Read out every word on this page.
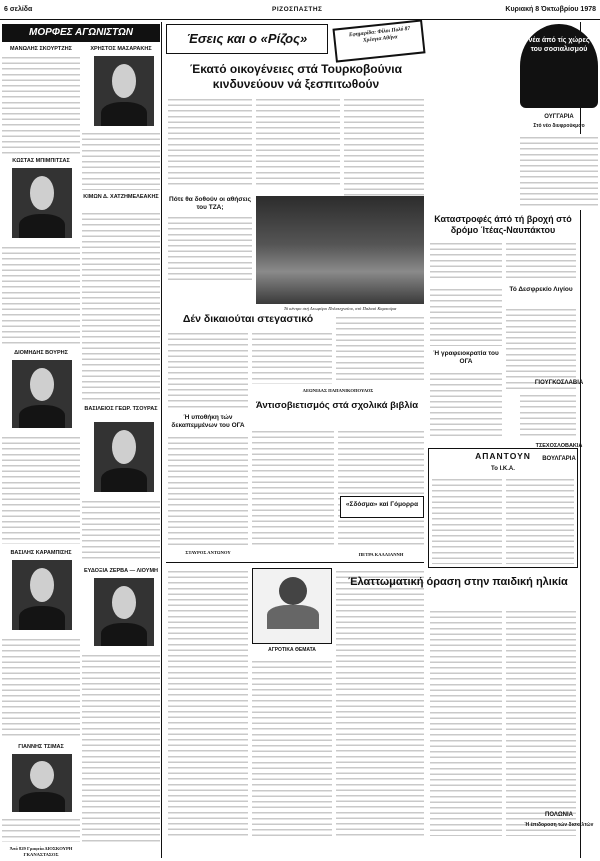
6 σελίδα	ΡΙΖΟΣΠΑΣΤΗΣ	Κυριακή 8 Όκτωβρίου 1978
ΜΟΡΦΕΣ ΑΓΩΝΙΣΤΩΝ
ΜΑΝΩΛΗΣ ΣΚΟΥΡΤΖΗΣ	ΧΡΗΣΤΟΣ ΜΑΣΑΡΑΚΗΣ
ΚΩΣΤΑΣ ΜΠΙΜΠΙΤΣΑΣ
ΚΙΜΩΝ Δ. ΧΑΤΖΗΜΕΛΕΑΚΗΣ
ΔΙΟΜΗΔΗΣ ΒΟΥΡΗΣ
ΒΑΣΙΛΕΙΟΣ ΓΕΩΡ. ΤΣΟΥΡΑΣ
ΒΑΣΙΛΗΣ ΚΑΡΑΜΠΙΣΗΣ
ΕΥΔΟΞΙΑ ΖΕΡΒΑ — ΛΙΟΥΜΗ
ΓΙΑΝΝΗΣ ΤΣΙΜΑΣ
Άπό 829 Γραφεία ΔΙΟΣΚΟΥΡΗ ΓΚΑΝΑΣΤΑΣΟΣ
Έσεις και ο «Ρίζος»	Εφημερίδα: Φίλοι Πολύ 87 Χρέσγια Αθήνα
Έκατό οικογένειες στά Τουρκοβούνια κινδυνεύουν νά ξεσπιτωθούν
Πότε θα δοθούν οι αθήσεις του ΤΖΑ;
Τό κέντρο στή Λεωφόρο Πολυτεχνείου, στό Παλαιό Καμπούρα
Δέν δικαιούται στεγαστικό
ΛΕΩΝΙΔΑΣ ΠΑΠΑΝΙΚΟΠΟΥΛΟΣ
Ή υποθήκη τών δεκαπεμμένων του ΟΓΑ
Άντισοβιετισμός στά σχολικά βιβλία
ΣΤΑΥΡΟΣ ΑΝΤΩΝΟΥ	ΠΕΤΡΑ ΚΑΛΛΙΑΝΝΗ
ΑΓΡΟΤΙΚΑ ΘΕΜΑΤΑ
Καταστροφές άπό τή βροχή στό δρόμο Ίτέας-Ναυπάκτου
Τό Δεσφρεκίο Λιγίου
Ή γραφειοκρατία του ΟΓΑ
«Σδόσμα» καί Γόμορρα
ΑΠΑΝΤΟΥΝ
Το Ι.Κ.Α.
Έλαττωματική όραση στην παιδική ηλικία
νέα άπό τίς χώρες του σοσιαλισμού
ΟΥΓΓΑΡΙΑ
Στό νέο διυφρούκμσο
ΓΙΟΥΓΚΟΣΛΑΒΙΑ
ΤΣΕΧΟΣΛΟΒΑΚΙΑ
ΒΟΥΛΓΑΡΙΑ
ΠΟΛΩΝΙΑ
Ή έπιδοροση τών δισκελτών
